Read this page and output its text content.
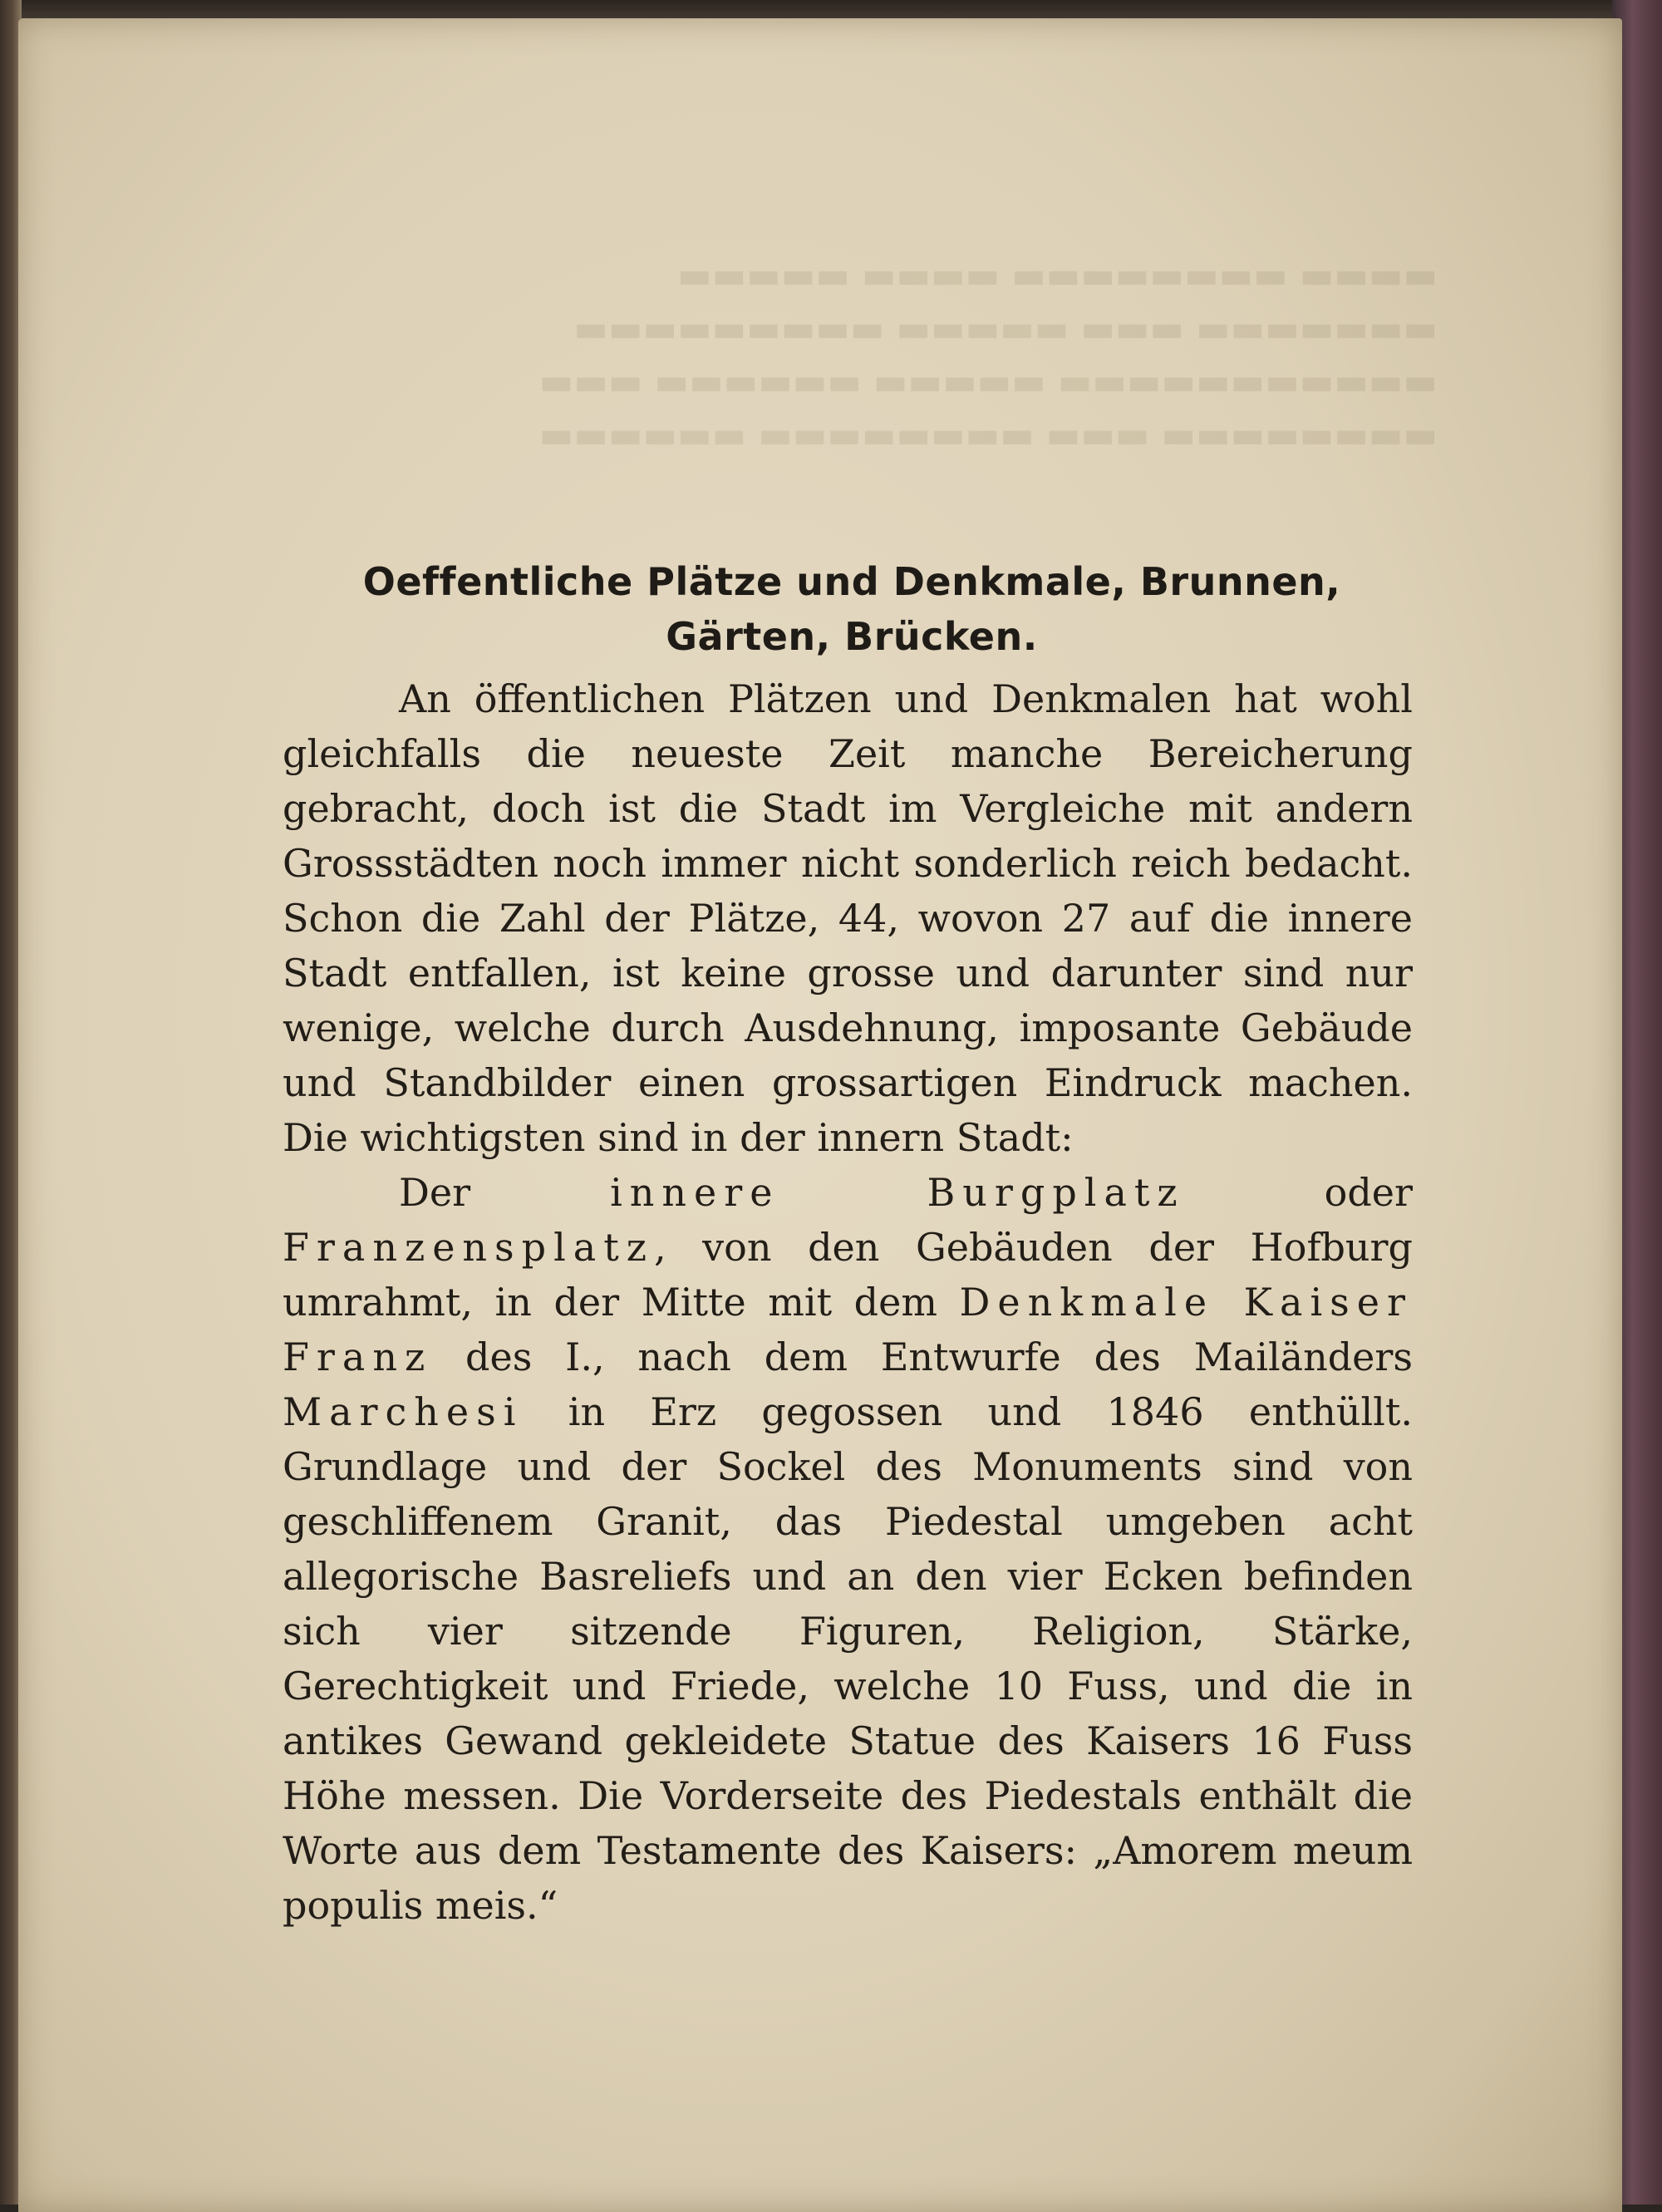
Oeffentliche Plätze und Denkmale, Brunnen,
Gärten, Brücken.

An öffentlichen Plätzen und Denkmalen hat wohl gleichfalls die neueste Zeit manche Bereicherung gebracht, doch ist die Stadt im Vergleiche mit andern Grossstädten noch immer nicht sonderlich reich bedacht. Schon die Zahl der Plätze, 44, wovon 27 auf die innere Stadt entfallen, ist keine grosse und darunter sind nur wenige, welche durch Ausdehnung, imposante Gebäude und Standbilder einen grossartigen Eindruck machen. Die wichtigsten sind in der innern Stadt:

Der innere Burgplatz oder Franzensplatz, von den Gebäuden der Hofburg umrahmt, in der Mitte mit dem Denkmale Kaiser Franz des I., nach dem Entwurfe des Mailänders Marchesi in Erz gegossen und 1846 enthüllt. Grundlage und der Sockel des Monuments sind von geschliffenem Granit, das Piedestal umgeben acht allegorische Basreliefs und an den vier Ecken befinden sich vier sitzende Figuren, Religion, Stärke, Gerechtigkeit und Friede, welche 10 Fuss, und die in antikes Gewand gekleidete Statue des Kaisers 16 Fuss Höhe messen. Die Vorderseite des Piedestals enthält die Worte aus dem Testamente des Kaisers: „Amorem meum populis meis.“
